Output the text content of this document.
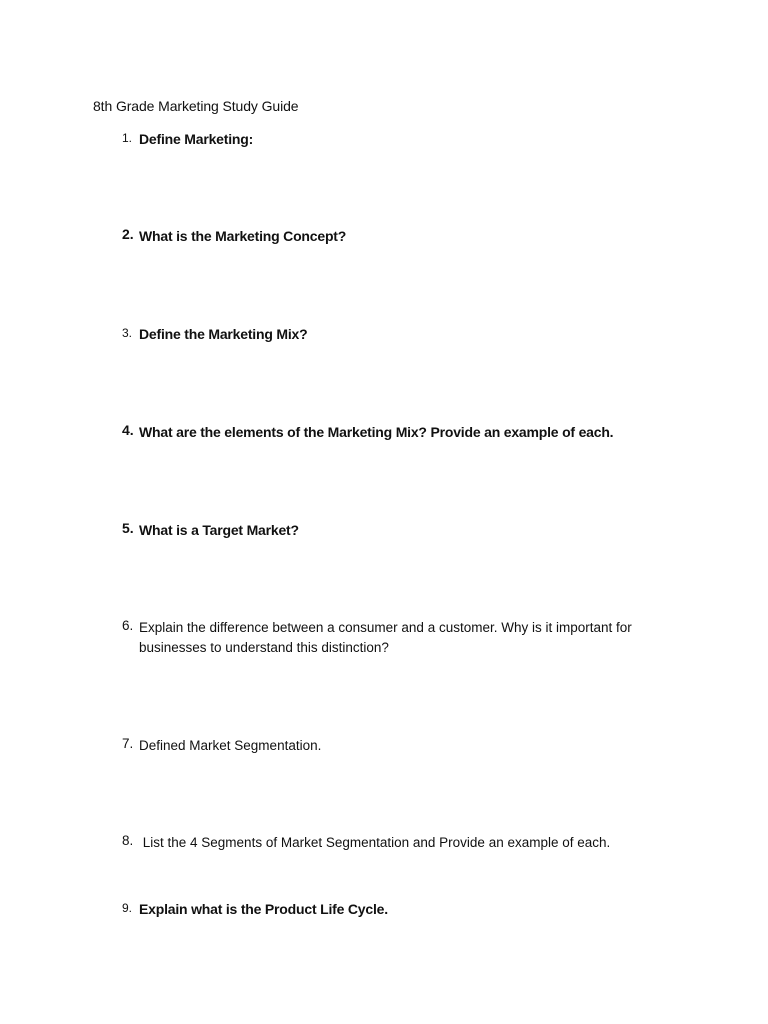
8th Grade Marketing Study Guide
1. Define Marketing:
2. What is the Marketing Concept?
3. Define the Marketing Mix?
4. What are the elements of the Marketing Mix? Provide an example of each.
5. What is a Target Market?
6. Explain the difference between a consumer and a customer. Why is it important for businesses to understand this distinction?
7. Defined Market Segmentation.
8. List the 4 Segments of Market Segmentation and Provide an example of each.
9. Explain what is the Product Life Cycle.
